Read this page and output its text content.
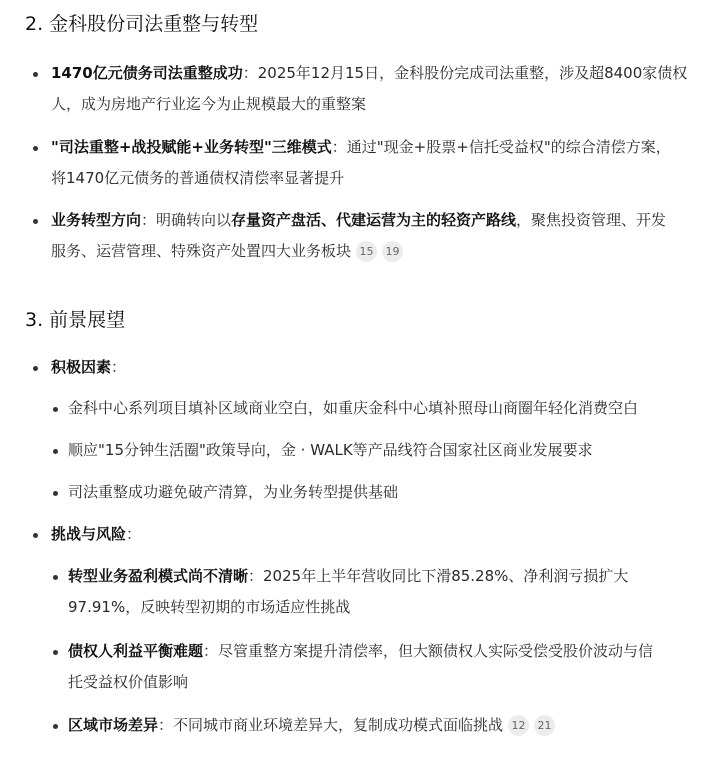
2. 金科股份司法重整与转型
1470亿元债务司法重整成功：2025年12月15日，金科股份完成司法重整，涉及超8400家债权
人，成为房地产行业迄今为止规模最大的重整案
"司法重整+战投赋能+业务转型"三维模式：通过"现金+股票+信托受益权"的综合清偿方案，
将1470亿元债务的普通债权清偿率显著提升
业务转型方向：明确转向以存量资产盘活、代建运营为主的轻资产路线，聚焦投资管理、开发
服务、运营管理、特殊资产处置四大业务板块 15 19
3. 前景展望
积极因素：
金科中心系列项目填补区域商业空白，如重庆金科中心填补照母山商圈年轻化消费空白
顺应"15分钟生活圈"政策导向，金 · WALK等产品线符合国家社区商业发展要求
司法重整成功避免破产清算，为业务转型提供基础
挑战与风险：
转型业务盈利模式尚不清晰：2025年上半年营收同比下滑85.28%、净利润亏损扩大
97.91%，反映转型初期的市场适应性挑战
债权人利益平衡难题：尽管重整方案提升清偿率，但大额债权人实际受偿受股价波动与信
托受益权价值影响
区域市场差异：不同城市商业环境差异大，复制成功模式面临挑战 12 21
